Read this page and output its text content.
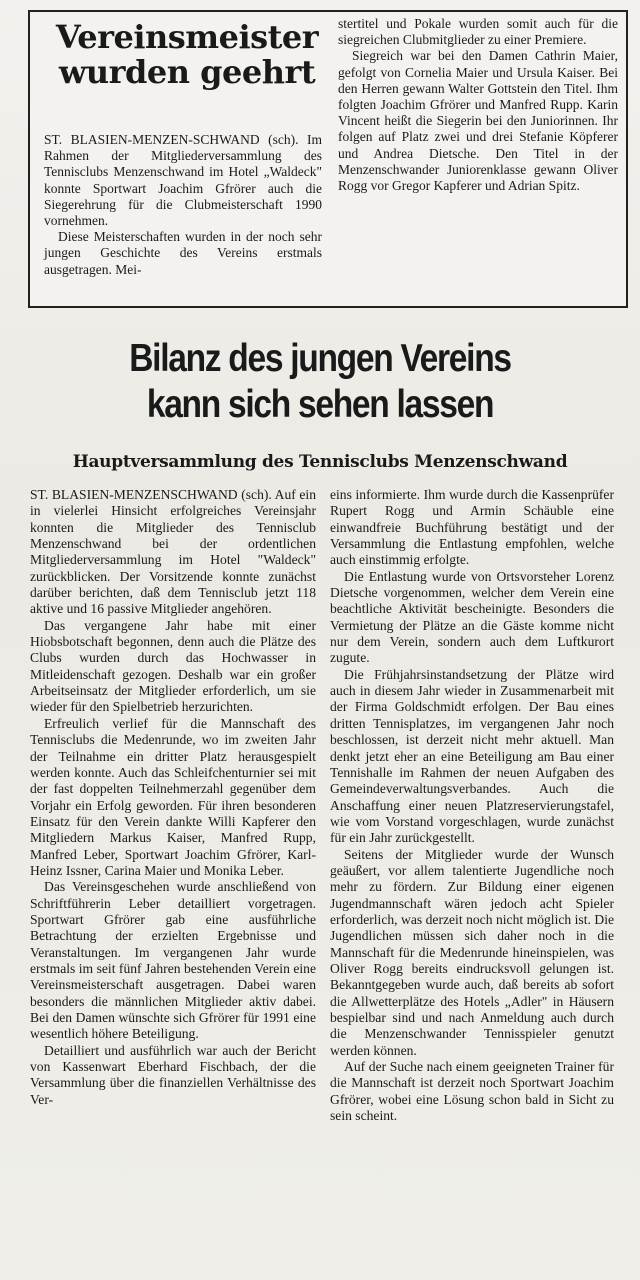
Vereinsmeister
wurden geehrt

ST. BLASIEN-MENZEN-SCHWAND (sch). Im Rahmen der Mitgliederversammlung des Tennisclubs Menzenschwand im Hotel „Waldeck" konnte Sportwart Joachim Gfrörer auch die Siegerehrung für die Clubmeisterschaft 1990 vornehmen.

Diese Meisterschaften wurden in der noch sehr jungen Geschichte des Vereins erstmals ausgetragen. Mei-

stertitel und Pokale wurden somit auch für die siegreichen Clubmitglieder zu einer Premiere.

Siegreich war bei den Damen Cathrin Maier, gefolgt von Cornelia Maier und Ursula Kaiser. Bei den Herren gewann Walter Gottstein den Titel. Ihm folgten Joachim Gfrörer und Manfred Rupp. Karin Vincent heißt die Siegerin bei den Juniorinnen. Ihr folgen auf Platz zwei und drei Stefanie Köpferer und Andrea Dietsche. Den Titel in der Menzenschwander Juniorenklasse gewann Oliver Rogg vor Gregor Kapferer und Adrian Spitz.

Bilanz des jungen Vereins
kann sich sehen lassen
Hauptversammlung des Tennisclubs Menzenschwand

ST. BLASIEN-MENZENSCHWAND (sch). Auf ein in vielerlei Hinsicht erfolgreiches Vereinsjahr konnten die Mitglieder des Tennisclub Menzenschwand bei der ordentlichen Mitgliederversammlung im Hotel "Waldeck" zurückblicken. Der Vorsitzende konnte zunächst darüber berichten, daß dem Tennisclub jetzt 118 aktive und 16 passive Mitglieder angehören.

Das vergangene Jahr habe mit einer Hiobsbotschaft begonnen, denn auch die Plätze des Clubs wurden durch das Hochwasser in Mitleidenschaft gezogen. Deshalb war ein großer Arbeitseinsatz der Mitglieder erforderlich, um sie wieder für den Spielbetrieb herzurichten.

Erfreulich verlief für die Mannschaft des Tennisclubs die Medenrunde, wo im zweiten Jahr der Teilnahme ein dritter Platz herausgespielt werden konnte. Auch das Schleifchenturnier sei mit der fast doppelten Teilnehmerzahl gegenüber dem Vorjahr ein Erfolg geworden. Für ihren besonderen Einsatz für den Verein dankte Willi Kapferer den Mitgliedern Markus Kaiser, Manfred Rupp, Manfred Leber, Sportwart Joachim Gfrörer, Karl-Heinz Issner, Carina Maier und Monika Leber.

Das Vereinsgeschehen wurde anschließend von Schriftführerin Leber detailliert vorgetragen. Sportwart Gfrörer gab eine ausführliche Betrachtung der erzielten Ergebnisse und Veranstaltungen. Im vergangenen Jahr wurde erstmals im seit fünf Jahren bestehenden Verein eine Vereinsmeisterschaft ausgetragen. Dabei waren besonders die männlichen Mitglieder aktiv dabei. Bei den Damen wünschte sich Gfrörer für 1991 eine wesentlich höhere Beteiligung.

Detailliert und ausführlich war auch der Bericht von Kassenwart Eberhard Fischbach, der die Versammlung über die finanziellen Verhältnisse des Ver-

eins informierte. Ihm wurde durch die Kassenprüfer Rupert Rogg und Armin Schäuble eine einwandfreie Buchführung bestätigt und der Versammlung die Entlastung empfohlen, welche auch einstimmig erfolgte.

Die Entlastung wurde von Ortsvorsteher Lorenz Dietsche vorgenommen, welcher dem Verein eine beachtliche Aktivität bescheinigte. Besonders die Vermietung der Plätze an die Gäste komme nicht nur dem Verein, sondern auch dem Luftkurort zugute.

Die Frühjahrsinstandsetzung der Plätze wird auch in diesem Jahr wieder in Zusammenarbeit mit der Firma Goldschmidt erfolgen. Der Bau eines dritten Tennisplatzes, im vergangenen Jahr noch beschlossen, ist derzeit nicht mehr aktuell. Man denkt jetzt eher an eine Beteiligung am Bau einer Tennishalle im Rahmen der neuen Aufgaben des Gemeindeverwaltungsverbandes. Auch die Anschaffung einer neuen Platzreservierungstafel, wie vom Vorstand vorgeschlagen, wurde zunächst für ein Jahr zurückgestellt.

Seitens der Mitglieder wurde der Wunsch geäußert, vor allem talentierte Jugendliche noch mehr zu fördern. Zur Bildung einer eigenen Jugendmannschaft wären jedoch acht Spieler erforderlich, was derzeit noch nicht möglich ist. Die Jugendlichen müssen sich daher noch in die Mannschaft für die Medenrunde hineinspielen, was Oliver Rogg bereits eindrucksvoll gelungen ist. Bekanntgegeben wurde auch, daß bereits ab sofort die Allwetterplätze des Hotels „Adler" in Häusern bespielbar sind und nach Anmeldung auch durch die Menzenschwander Tennisspieler genutzt werden können.

Auf der Suche nach einem geeigneten Trainer für die Mannschaft ist derzeit noch Sportwart Joachim Gfrörer, wobei eine Lösung schon bald in Sicht zu sein scheint.
